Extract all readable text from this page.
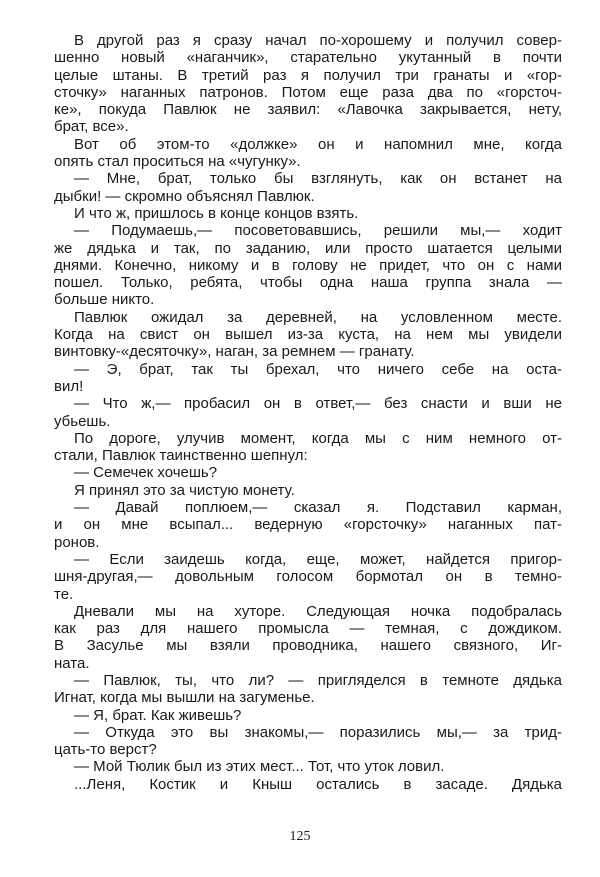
В другой раз я сразу начал по-хорошему и получил совер-
шенно новый «наганчик», старательно укутанный в почти
целые штаны. В третий раз я получил три гранаты и «гор-
сточку» наганных патронов. Потом еще раза два по «горсточ-
ке», покуда Павлюк не заявил: «Лавочка закрывается, нету,
брат, все».
Вот об этом-то «должке» он и напомнил мне, когда
опять стал проситься на «чугунку».
— Мне, брат, только бы взглянуть, как он встанет на
дыбки! — скромно объяснял Павлюк.
И что ж, пришлось в конце концов взять.
— Подумаешь,— посоветовавшись, решили мы,— ходит
же дядька и так, по заданию, или просто шатается целыми
днями. Конечно, никому и в голову не придет, что он с нами
пошел. Только, ребята, чтобы одна наша группа знала —
больше никто.
Павлюк ожидал за деревней, на условленном месте.
Когда на свист он вышел из-за куста, на нем мы увидели
винтовку-«десяточку», наган, за ремнем — гранату.
— Э, брат, так ты брехал, что ничего себе на оста-
вил!
— Что ж,— пробасил он в ответ,— без снасти и вши не
убьешь.
По дороге, улучив момент, когда мы с ним немного от-
стали, Павлюк таинственно шепнул:
— Семечек хочешь?
Я принял это за чистую монету.
— Давай поплюем,— сказал я. Подставил карман,
и он мне всыпал... ведерную «горсточку» наганных пат-
ронов.
— Если заидешь когда, еще, может, найдется пригор-
шня-другая,— довольным голосом бормотал он в темно-
те.
Дневали мы на хуторе. Следующая ночка подобралась
как раз для нашего промысла — темная, с дождиком.
В Засулье мы взяли проводника, нашего связного, Иг-
ната.
— Павлюк, ты, что ли? — пригляделся в темноте дядька
Игнат, когда мы вышли на загуменье.
— Я, брат. Как живешь?
— Откуда это вы знакомы,— поразились мы,— за трид-
цать-то верст?
— Мой Тюлик был из этих мест... Тот, что уток ловил.
...Леня, Костик и Кныш остались в засаде. Дядька
125
